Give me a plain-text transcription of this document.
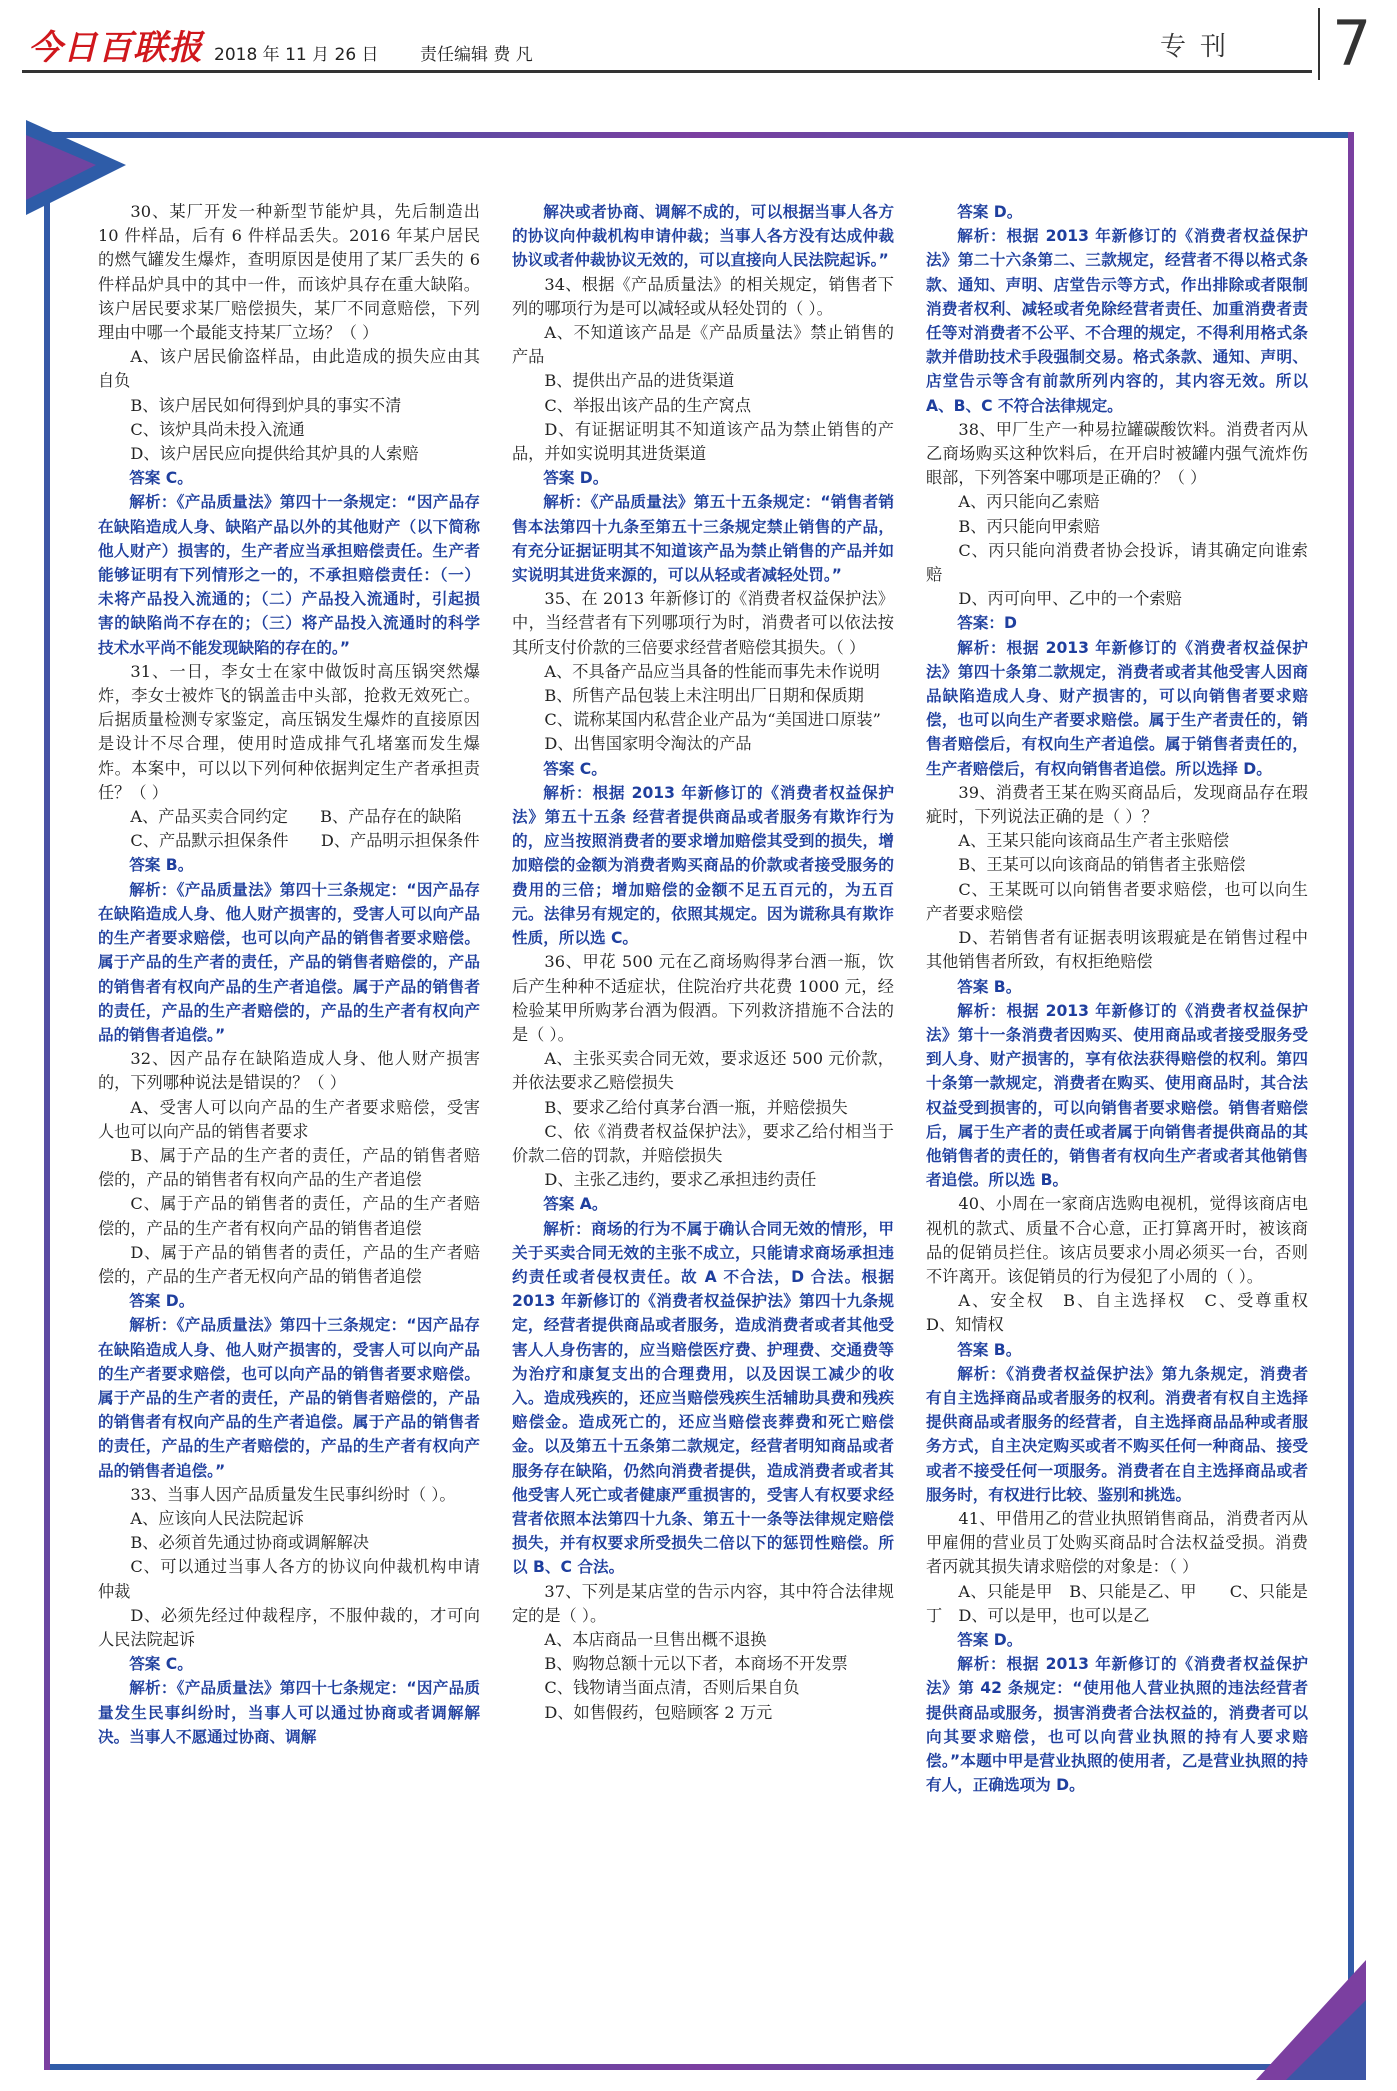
今日百联报 2018 年 11 月 26 日 责任编辑 费 凡	专刊 7

30、某厂开发一种新型节能炉具，先后制造出 10 件样品，后有 6 件样品丢失。2016 年某户居民的燃气罐发生爆炸，查明原因是使用了某厂丢失的 6 件样品炉具中的其中一件，而该炉具存在重大缺陷。该户居民要求某厂赔偿损失，某厂不同意赔偿，下列理由中哪一个最能支持某厂立场？（ ）

A、该户居民偷盗样品，由此造成的损失应由其自负

B、该户居民如何得到炉具的事实不清

C、该炉具尚未投入流通

D、该户居民应向提供给其炉具的人索赔

答案 C。

解析：《产品质量法》第四十一条规定：“因产品存在缺陷造成人身、缺陷产品以外的其他财产（以下简称他人财产）损害的，生产者应当承担赔偿责任。生产者能够证明有下列情形之一的，不承担赔偿责任：（一）未将产品投入流通的；（二）产品投入流通时，引起损害的缺陷尚不存在的；（三）将产品投入流通时的科学技术水平尚不能发现缺陷的存在的。”

31、一日，李女士在家中做饭时高压锅突然爆炸，李女士被炸飞的锅盖击中头部，抢救无效死亡。后据质量检测专家鉴定，高压锅发生爆炸的直接原因是设计不尽合理，使用时造成排气孔堵塞而发生爆炸。本案中，可以以下列何种依据判定生产者承担责任？（ ）

A、产品买卖合同约定　　B、产品存在的缺陷

C、产品默示担保条件　　D、产品明示担保条件

答案 B。

解析：《产品质量法》第四十三条规定：“因产品存在缺陷造成人身、他人财产损害的，受害人可以向产品的生产者要求赔偿，也可以向产品的销售者要求赔偿。属于产品的生产者的责任，产品的销售者赔偿的，产品的销售者有权向产品的生产者追偿。属于产品的销售者的责任，产品的生产者赔偿的，产品的生产者有权向产品的销售者追偿。”

32、因产品存在缺陷造成人身、他人财产损害的，下列哪种说法是错误的？（ ）

A、受害人可以向产品的生产者要求赔偿，受害人也可以向产品的销售者要求

B、属于产品的生产者的责任，产品的销售者赔偿的，产品的销售者有权向产品的生产者追偿

C、属于产品的销售者的责任，产品的生产者赔偿的，产品的生产者有权向产品的销售者追偿

D、属于产品的销售者的责任，产品的生产者赔偿的，产品的生产者无权向产品的销售者追偿

答案 D。

解析：《产品质量法》第四十三条规定：“因产品存在缺陷造成人身、他人财产损害的，受害人可以向产品的生产者要求赔偿，也可以向产品的销售者要求赔偿。属于产品的生产者的责任，产品的销售者赔偿的，产品的销售者有权向产品的生产者追偿。属于产品的销售者的责任，产品的生产者赔偿的，产品的生产者有权向产品的销售者追偿。”

33、当事人因产品质量发生民事纠纷时（ ）。

A、应该向人民法院起诉

B、必须首先通过协商或调解解决

C、可以通过当事人各方的协议向仲裁机构申请仲裁

D、必须先经过仲裁程序，不服仲裁的，才可向人民法院起诉

答案 C。

解析：《产品质量法》第四十七条规定：“因产品质量发生民事纠纷时，当事人可以通过协商或者调解解决。当事人不愿通过协商、调解

解决或者协商、调解不成的，可以根据当事人各方的协议向仲裁机构申请仲裁；当事人各方没有达成仲裁协议或者仲裁协议无效的，可以直接向人民法院起诉。”

34、根据《产品质量法》的相关规定，销售者下列的哪项行为是可以减轻或从轻处罚的（ ）。

A、不知道该产品是《产品质量法》禁止销售的产品

B、提供出产品的进货渠道

C、举报出该产品的生产窝点

D、有证据证明其不知道该产品为禁止销售的产品，并如实说明其进货渠道

答案 D。

解析：《产品质量法》第五十五条规定：“销售者销售本法第四十九条至第五十三条规定禁止销售的产品，有充分证据证明其不知道该产品为禁止销售的产品并如实说明其进货来源的，可以从轻或者减轻处罚。”

35、在 2013 年新修订的《消费者权益保护法》中，当经营者有下列哪项行为时，消费者可以依法按其所支付价款的三倍要求经营者赔偿其损失。（ ）

A、不具备产品应当具备的性能而事先未作说明

B、所售产品包装上未注明出厂日期和保质期

C、谎称某国内私营企业产品为“美国进口原装”

D、出售国家明令淘汰的产品

答案 C。

解析：根据 2013 年新修订的《消费者权益保护法》第五十五条 经营者提供商品或者服务有欺诈行为的，应当按照消费者的要求增加赔偿其受到的损失，增加赔偿的金额为消费者购买商品的价款或者接受服务的费用的三倍；增加赔偿的金额不足五百元的，为五百元。法律另有规定的，依照其规定。因为谎称具有欺诈性质，所以选 C。

36、甲花 500 元在乙商场购得茅台酒一瓶，饮后产生种种不适症状，住院治疗共花费 1000 元，经检验某甲所购茅台酒为假酒。下列救济措施不合法的是（ ）。

A、主张买卖合同无效，要求返还 500 元价款，并依法要求乙赔偿损失

B、要求乙给付真茅台酒一瓶，并赔偿损失

C、依《消费者权益保护法》，要求乙给付相当于价款二倍的罚款，并赔偿损失

D、主张乙违约，要求乙承担违约责任

答案 A。

解析：商场的行为不属于确认合同无效的情形，甲关于买卖合同无效的主张不成立，只能请求商场承担违约责任或者侵权责任。故 A 不合法，D 合法。根据 2013 年新修订的《消费者权益保护法》第四十九条规定，经营者提供商品或者服务，造成消费者或者其他受害人人身伤害的，应当赔偿医疗费、护理费、交通费等为治疗和康复支出的合理费用，以及因误工减少的收入。造成残疾的，还应当赔偿残疾生活辅助具费和残疾赔偿金。造成死亡的，还应当赔偿丧葬费和死亡赔偿金。以及第五十五条第二款规定，经营者明知商品或者服务存在缺陷，仍然向消费者提供，造成消费者或者其他受害人死亡或者健康严重损害的，受害人有权要求经营者依照本法第四十九条、第五十一条等法律规定赔偿损失，并有权要求所受损失二倍以下的惩罚性赔偿。所以 B、C 合法。

37、下列是某店堂的告示内容，其中符合法律规定的是（ ）。

A、本店商品一旦售出概不退换

B、购物总额十元以下者，本商场不开发票

C、钱物请当面点清，否则后果自负

D、如售假药，包赔顾客 2 万元

答案 D。

解析：根据 2013 年新修订的《消费者权益保护法》第二十六条第二、三款规定，经营者不得以格式条款、通知、声明、店堂告示等方式，作出排除或者限制消费者权利、减轻或者免除经营者责任、加重消费者责任等对消费者不公平、不合理的规定，不得利用格式条款并借助技术手段强制交易。格式条款、通知、声明、店堂告示等含有前款所列内容的，其内容无效。所以 A、B、C 不符合法律规定。

38、甲厂生产一种易拉罐碳酸饮料。消费者丙从乙商场购买这种饮料后，在开启时被罐内强气流炸伤眼部，下列答案中哪项是正确的？（ ）

A、丙只能向乙索赔

B、丙只能向甲索赔

C、丙只能向消费者协会投诉，请其确定向谁索赔

D、丙可向甲、乙中的一个索赔

答案：D

解析：根据 2013 年新修订的《消费者权益保护法》第四十条第二款规定，消费者或者其他受害人因商品缺陷造成人身、财产损害的，可以向销售者要求赔偿，也可以向生产者要求赔偿。属于生产者责任的，销售者赔偿后，有权向生产者追偿。属于销售者责任的，生产者赔偿后，有权向销售者追偿。所以选择 D。

39、消费者王某在购买商品后，发现商品存在瑕疵时，下列说法正确的是（ ）？

A、王某只能向该商品生产者主张赔偿

B、王某可以向该商品的销售者主张赔偿

C、王某既可以向销售者要求赔偿，也可以向生产者要求赔偿

D、若销售者有证据表明该瑕疵是在销售过程中其他销售者所致，有权拒绝赔偿

答案 B。

解析：根据 2013 年新修订的《消费者权益保护法》第十一条消费者因购买、使用商品或者接受服务受到人身、财产损害的，享有依法获得赔偿的权利。第四十条第一款规定，消费者在购买、使用商品时，其合法权益受到损害的，可以向销售者要求赔偿。销售者赔偿后，属于生产者的责任或者属于向销售者提供商品的其他销售者的责任的，销售者有权向生产者或者其他销售者追偿。所以选 B。

40、小周在一家商店选购电视机，觉得该商店电视机的款式、质量不合心意，正打算离开时，被该商品的促销员拦住。该店员要求小周必须买一台，否则不许离开。该促销员的行为侵犯了小周的（ ）。

A、安全权　B、自主选择权　C、受尊重权　D、知情权

答案 B。

解析：《消费者权益保护法》第九条规定，消费者有自主选择商品或者服务的权利。消费者有权自主选择提供商品或者服务的经营者，自主选择商品品种或者服务方式，自主决定购买或者不购买任何一种商品、接受或者不接受任何一项服务。消费者在自主选择商品或者服务时，有权进行比较、鉴别和挑选。

41、甲借用乙的营业执照销售商品，消费者丙从甲雇佣的营业员丁处购买商品时合法权益受损。消费者丙就其损失请求赔偿的对象是：（ ）

A、只能是甲　B、只能是乙、甲　　C、只能是丁　D、可以是甲，也可以是乙

答案 D。

解析：根据 2013 年新修订的《消费者权益保护法》第 42 条规定：“使用他人营业执照的违法经营者提供商品或服务，损害消费者合法权益的，消费者可以向其要求赔偿，也可以向营业执照的持有人要求赔偿。”本题中甲是营业执照的使用者，乙是营业执照的持有人，正确选项为 D。
